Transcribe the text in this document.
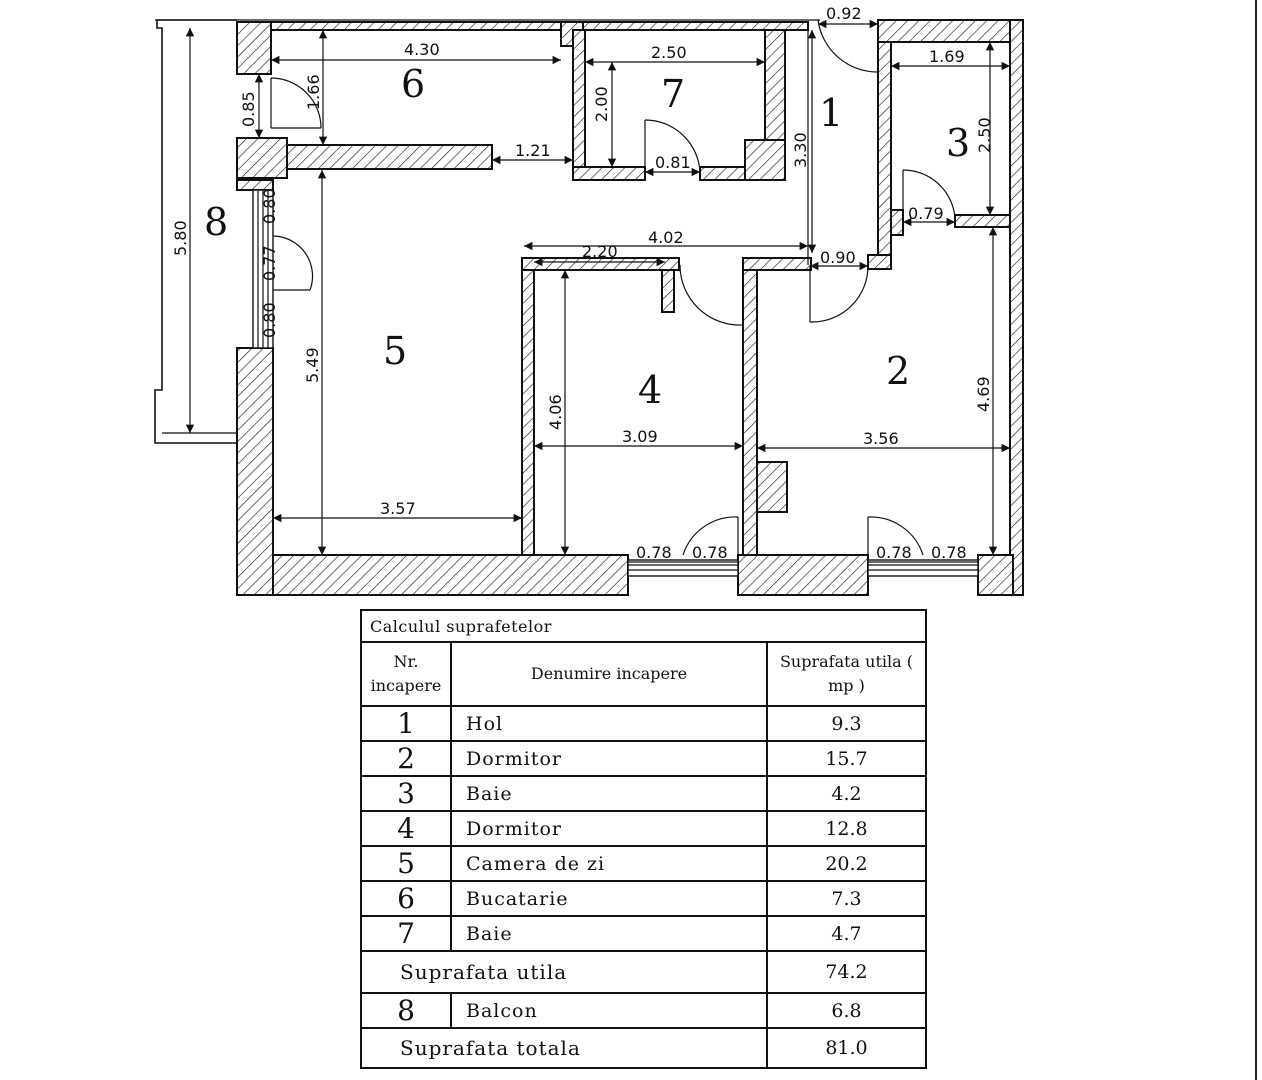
1
2
3
4
5
6	7
8
0.92
4.30	2.50	1.69
1.21
0.81
0.79
2.20
4.02
0.90
3.09	3.56
3.57
0.78 0.78	0.78 0.78
1.66
0.85	2.00
3.30	2.50
5.80
0.80
0.77
0.80
5.49
4.06
4.69
Calculul suprafetelor		
Nr. incapere	Denumire incapere	Suprafata utila ( mp )
1	Hol	9.3
2	Dormitor	15.7
3	Baie	4.2
4	Dormitor	12.8
5	Camera de zi	20.2
6	Bucatarie	7.3
7	Baie	4.7
Suprafata utila		74.2
8	Balcon	6.8
Suprafata totala		81.0
